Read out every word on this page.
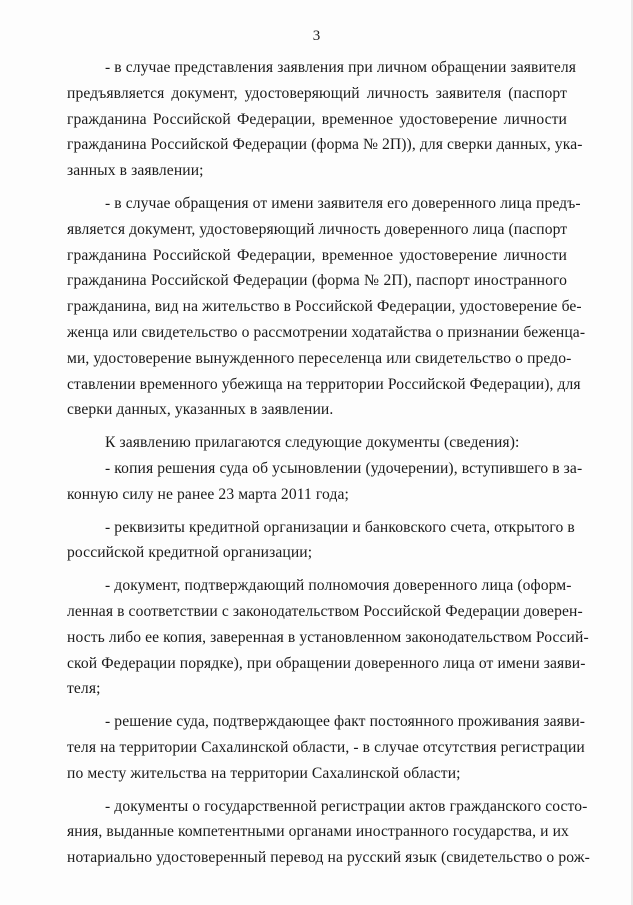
3
- в случае представления заявления при личном обращении заявителя
предъявляется документ, удостоверяющий личность заявителя (паспорт
гражданина Российской Федерации, временное удостоверение личности
гражданина Российской Федерации (форма № 2П)), для сверки данных, ука-
занных в заявлении;
- в случае обращения от имени заявителя его доверенного лица предъ-
является документ, удостоверяющий личность доверенного лица (паспорт
гражданина Российской Федерации, временное удостоверение личности
гражданина Российской Федерации (форма № 2П), паспорт иностранного
гражданина, вид на жительство в Российской Федерации, удостоверение бе-
женца или свидетельство о рассмотрении ходатайства о признании беженца-
ми, удостоверение вынужденного переселенца или свидетельство о предо-
ставлении временного убежища на территории Российской Федерации), для
сверки данных, указанных в заявлении.
К заявлению прилагаются следующие документы (сведения):
- копия решения суда об усыновлении (удочерении), вступившего в за-
конную силу не ранее 23 марта 2011 года;
- реквизиты кредитной организации и банковского счета, открытого в
российской кредитной организации;
- документ, подтверждающий полномочия доверенного лица (оформ-
ленная в соответствии с законодательством Российской Федерации доверен-
ность либо ее копия, заверенная в установленном законодательством Россий-
ской Федерации порядке), при обращении доверенного лица от имени заяви-
теля;
- решение суда, подтверждающее факт постоянного проживания заяви-
теля на территории Сахалинской области, - в случае отсутствия регистрации
по месту жительства на территории Сахалинской области;
- документы о государственной регистрации актов гражданского состо-
яния, выданные компетентными органами иностранного государства, и их
нотариально удостоверенный перевод на русский язык (свидетельство о рож-
